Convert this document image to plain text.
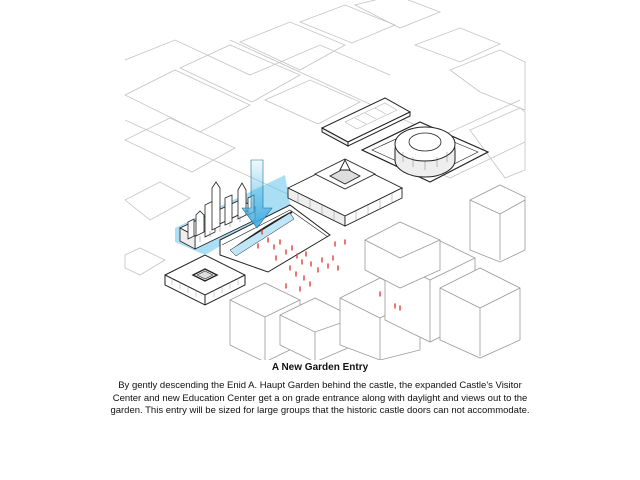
A New Garden Entry

By gently descending the Enid A. Haupt Garden behind the castle, the expanded Castle's Visitor Center and new Education Center get a on grade entrance along with daylight and views out to the garden. This entry will be sized for large groups that the historic castle doors can not accommodate.
